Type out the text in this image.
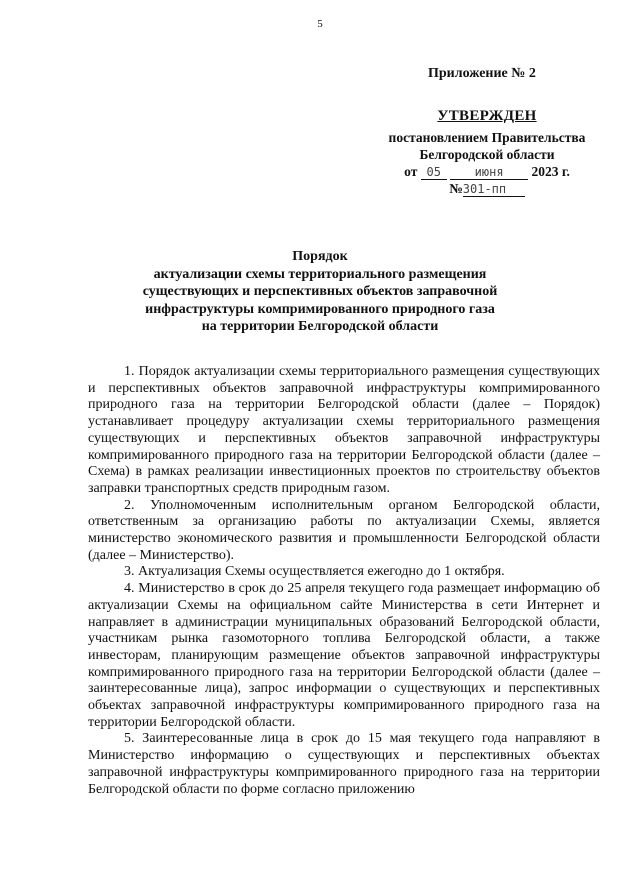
5
Приложение № 2
УТВЕРЖДЕН
постановлением Правительства
Белгородской области
от 05	июня 2023 г.
№301-пп
Порядок
актуализации схемы территориального размещения
существующих и перспективных объектов заправочной
инфраструктуры компримированного природного газа
на территории Белгородской области

1. Порядок актуализации схемы территориального размещения существующих и перспективных объектов заправочной инфраструктуры компримированного природного газа на территории Белгородской области (далее – Порядок) устанавливает процедуру актуализации схемы территориального размещения существующих и перспективных объектов заправочной инфраструктуры компримированного природного газа на территории Белгородской области (далее – Схема) в рамках реализации инвестиционных проектов по строительству объектов заправки транспортных средств природным газом.

2. Уполномоченным исполнительным органом Белгородской области, ответственным за организацию работы по актуализации Схемы, является министерство экономического развития и промышленности Белгородской области (далее – Министерство).

3. Актуализация Схемы осуществляется ежегодно до 1 октября.

4. Министерство в срок до 25 апреля текущего года размещает информацию об актуализации Схемы на официальном сайте Министерства в сети Интернет и направляет в администрации муниципальных образований Белгородской области, участникам рынка газомоторного топлива Белгородской области, а также инвесторам, планирующим размещение объектов заправочной инфраструктуры компримированного природного газа на территории Белгородской области (далее – заинтересованные лица), запрос информации о существующих и перспективных объектах заправочной инфраструктуры компримированного природного газа на территории Белгородской области.

5. Заинтересованные лица в срок до 15 мая текущего года направляют в Министерство информацию о существующих и перспективных объектах заправочной инфраструктуры компримированного природного газа на территории Белгородской области по форме согласно приложению
